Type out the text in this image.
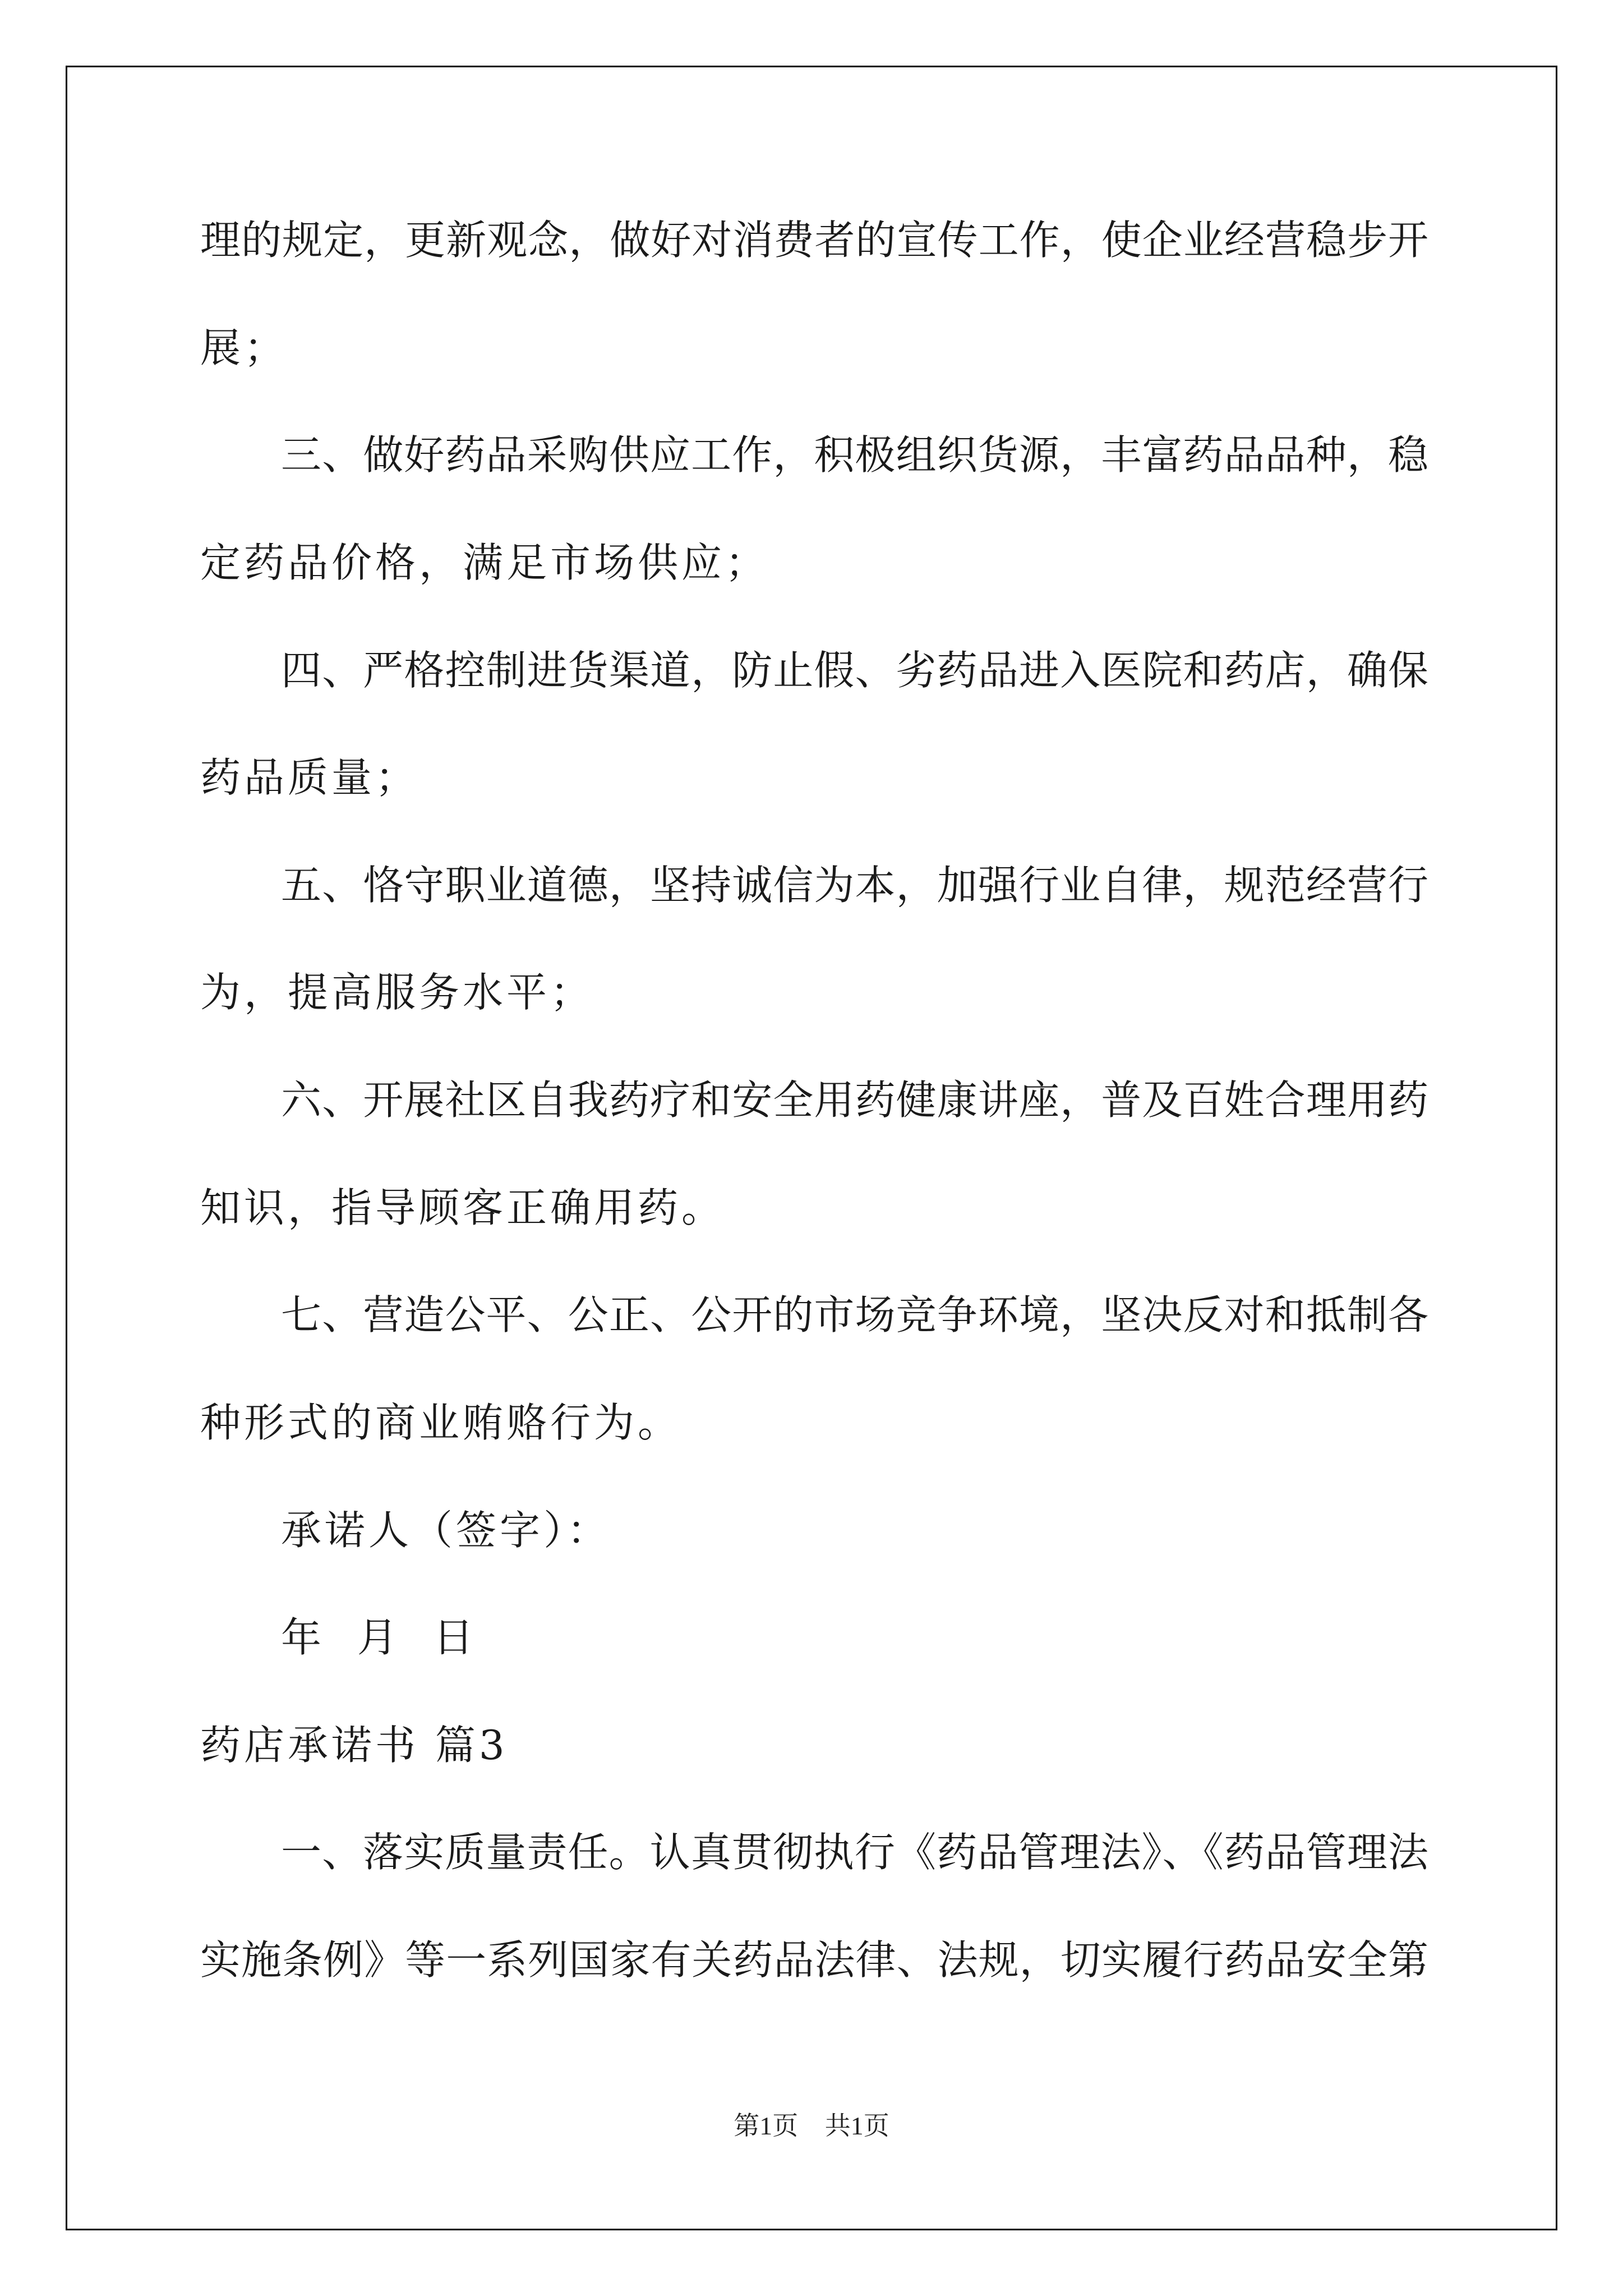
理的规定，更新观念，做好对消费者的宣传工作，使企业经营稳步开
展；
三、做好药品采购供应工作，积极组织货源，丰富药品品种，稳
定药品价格，满足市场供应；
四、严格控制进货渠道，防止假、劣药品进入医院和药店，确保
药品质量；
五、恪守职业道德，坚持诚信为本，加强行业自律，规范经营行
为，提高服务水平；
六、开展社区自我药疗和安全用药健康讲座，普及百姓合理用药
知识，指导顾客正确用药。
七、营造公平、公正、公开的市场竞争环境，坚决反对和抵制各
种形式的商业贿赂行为。
承诺人（签字）：
年  月  日
药店承诺书 篇3
一、落实质量责任。认真贯彻执行《药品管理法》、《药品管理法
实施条例》等一系列国家有关药品法律、法规，切实履行药品安全第
第1页 共1页
